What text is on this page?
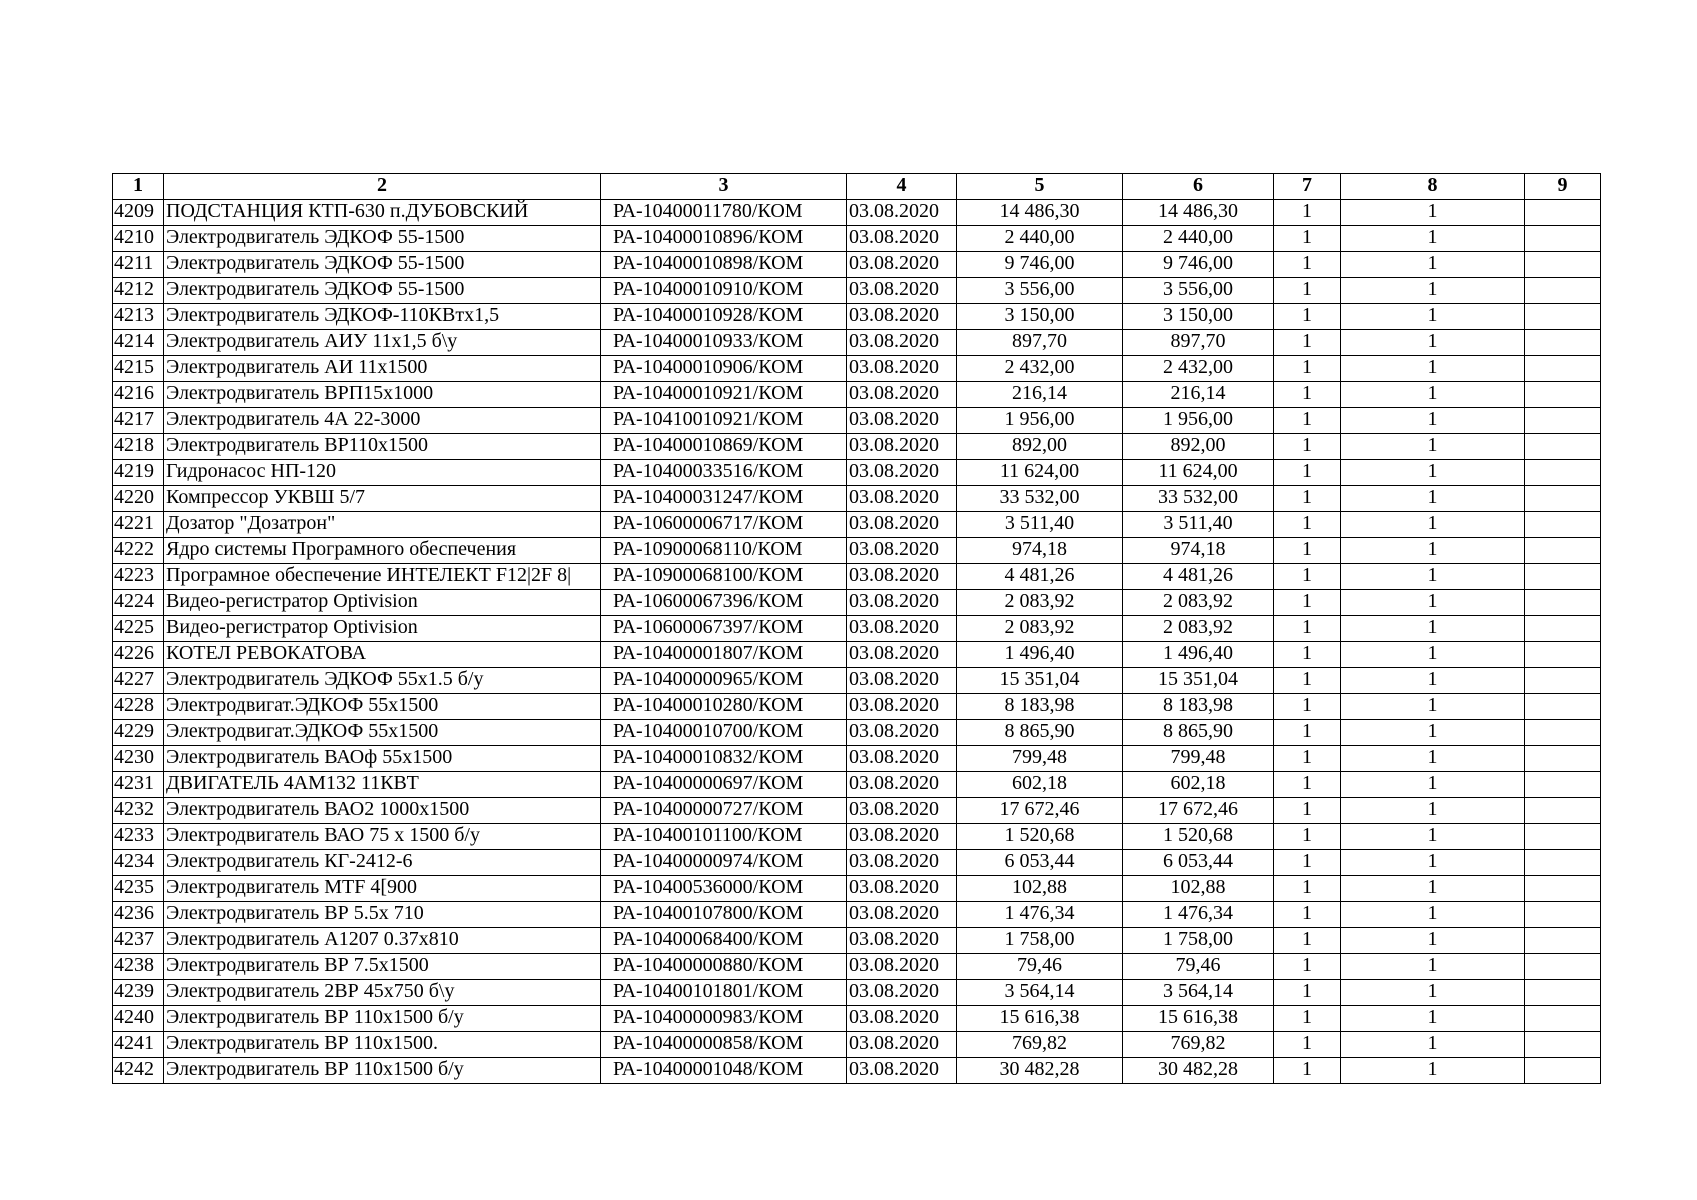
1	2	3	4	5	6	7	8	9
4209	ПОДСТАНЦИЯ КТП-630 п.ДУБОВСКИЙ	РА-10400011780/КОМ	03.08.2020	14 486,30	14 486,30	1	1	
4210	Электродвигатель ЭДКОФ 55-1500	РА-10400010896/КОМ	03.08.2020	2 440,00	2 440,00	1	1	
4211	Электродвигатель ЭДКОФ 55-1500	РА-10400010898/КОМ	03.08.2020	9 746,00	9 746,00	1	1	
4212	Электродвигатель ЭДКОФ 55-1500	РА-10400010910/КОМ	03.08.2020	3 556,00	3 556,00	1	1	
4213	Электродвигатель ЭДКОФ-110КВтх1,5	РА-10400010928/КОМ	03.08.2020	3 150,00	3 150,00	1	1	
4214	Электродвигатель АИУ 11х1,5 б\у	РА-10400010933/КОМ	03.08.2020	897,70	897,70	1	1	
4215	Электродвигатель АИ 11х1500	РА-10400010906/КОМ	03.08.2020	2 432,00	2 432,00	1	1	
4216	Электродвигатель ВРП15х1000	РА-10400010921/КОМ	03.08.2020	216,14	216,14	1	1	
4217	Электродвигатель 4А 22-3000	РА-10410010921/КОМ	03.08.2020	1 956,00	1 956,00	1	1	
4218	Электродвигатель ВР110х1500	РА-10400010869/КОМ	03.08.2020	892,00	892,00	1	1	
4219	Гидронасос НП-120	РА-10400033516/КОМ	03.08.2020	11 624,00	11 624,00	1	1	
4220	Компрессор УКВШ 5/7	РА-10400031247/КОМ	03.08.2020	33 532,00	33 532,00	1	1	
4221	Дозатор "Дозатрон"	РА-10600006717/КОМ	03.08.2020	3 511,40	3 511,40	1	1	
4222	Ядро системы Програмного обеспечения	РА-10900068110/КОМ	03.08.2020	974,18	974,18	1	1	
4223	Програмное обеспечение ИНТЕЛЕКТ F12|2F 8|	РА-10900068100/КОМ	03.08.2020	4 481,26	4 481,26	1	1	
4224	Видео-регистратор Optivision	РА-10600067396/КОМ	03.08.2020	2 083,92	2 083,92	1	1	
4225	Видео-регистратор Optivision	РА-10600067397/КОМ	03.08.2020	2 083,92	2 083,92	1	1	
4226	КОТЕЛ РЕВОКАТОВА	РА-10400001807/КОМ	03.08.2020	1 496,40	1 496,40	1	1	
4227	Электродвигатель ЭДКОФ 55х1.5 б/у	РА-10400000965/КОМ	03.08.2020	15 351,04	15 351,04	1	1	
4228	Электродвигат.ЭДКОФ 55х1500	РА-10400010280/КОМ	03.08.2020	8 183,98	8 183,98	1	1	
4229	Электродвигат.ЭДКОФ 55х1500	РА-10400010700/КОМ	03.08.2020	8 865,90	8 865,90	1	1	
4230	Электродвигатель ВАОф 55х1500	РА-10400010832/КОМ	03.08.2020	799,48	799,48	1	1	
4231	ДВИГАТЕЛЬ 4АМ132 11КВТ	РА-10400000697/КОМ	03.08.2020	602,18	602,18	1	1	
4232	Электродвигатель ВАО2 1000х1500	РА-10400000727/КОМ	03.08.2020	17 672,46	17 672,46	1	1	
4233	Электродвигатель ВАО 75 х 1500 б/у	РА-10400101100/КОМ	03.08.2020	1 520,68	1 520,68	1	1	
4234	Электродвигатель КГ-2412-6	РА-10400000974/КОМ	03.08.2020	6 053,44	6 053,44	1	1	
4235	Электродвигатель MTF 4[900	РА-10400536000/КОМ	03.08.2020	102,88	102,88	1	1	
4236	Электродвигатель ВР 5.5х 710	РА-10400107800/КОМ	03.08.2020	1 476,34	1 476,34	1	1	
4237	Электродвигатель А1207 0.37х810	РА-10400068400/КОМ	03.08.2020	1 758,00	1 758,00	1	1	
4238	Электродвигатель ВР 7.5х1500	РА-10400000880/КОМ	03.08.2020	79,46	79,46	1	1	
4239	Электродвигатель 2ВР 45х750 б\у	РА-10400101801/КОМ	03.08.2020	3 564,14	3 564,14	1	1	
4240	Электродвигатель ВР 110х1500 б/у	РА-10400000983/КОМ	03.08.2020	15 616,38	15 616,38	1	1	
4241	Электродвигатель ВР 110х1500.	РА-10400000858/КОМ	03.08.2020	769,82	769,82	1	1	
4242	Электродвигатель ВР 110х1500 б/у	РА-10400001048/КОМ	03.08.2020	30 482,28	30 482,28	1	1	
